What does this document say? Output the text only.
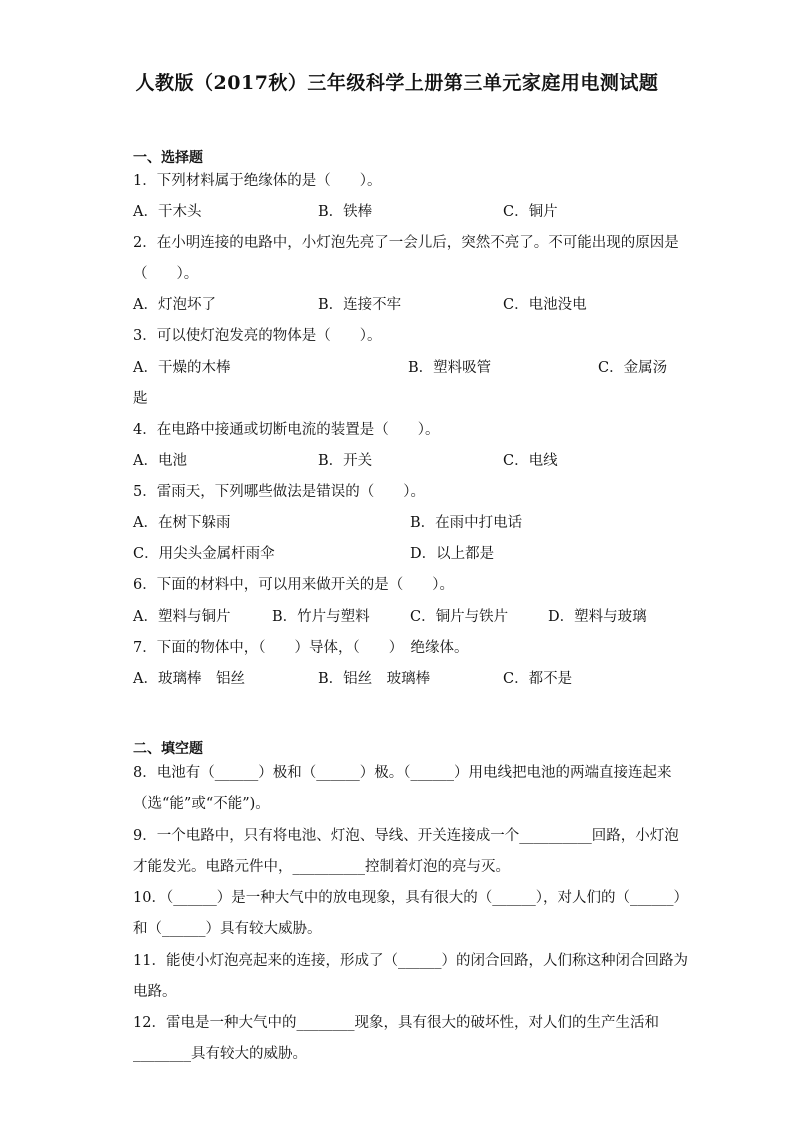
人教版（2017秋）三年级科学上册第三单元家庭用电测试题
一、选择题
1．下列材料属于绝缘体的是（　　）。
A．干木头	B．铁棒	C．铜片
2．在小明连接的电路中，小灯泡先亮了一会儿后，突然不亮了。不可能出现的原因是
（　　）。
A．灯泡坏了	B．连接不牢	C．电池没电
3．可以使灯泡发亮的物体是（　　）。
A．干燥的木棒	B．塑料吸管	C．金属汤
匙
4．在电路中接通或切断电流的装置是（　　）。
A．电池	B．开关	C．电线
5．雷雨天，下列哪些做法是错误的（　　）。
A．在树下躲雨	B．在雨中打电话
C．用尖头金属杆雨伞	D．以上都是
6．下面的材料中，可以用来做开关的是（　　）。
A．塑料与铜片	B．竹片与塑料	C．铜片与铁片	D．塑料与玻璃
7．下面的物体中，（　　）导体，（　　）　绝缘体。
A．玻璃棒　铝丝	B．铝丝　玻璃棒	C．都不是
二、填空题
8．电池有（______）极和（______）极。（______）用电线把电池的两端直接连起来
（选“能”或“不能”)。
9．一个电路中，只有将电池、灯泡、导线、开关连接成一个__________回路，小灯泡
才能发光。电路元件中，__________控制着灯泡的亮与灭。
10．（______）是一种大气中的放电现象，具有很大的（______），对人们的（______）
和（______）具有较大威胁。
11．能使小灯泡亮起来的连接，形成了（______）的闭合回路，人们称这种闭合回路为
电路。
12．雷电是一种大气中的________现象，具有很大的破坏性，对人们的生产生活和
________具有较大的威胁。
